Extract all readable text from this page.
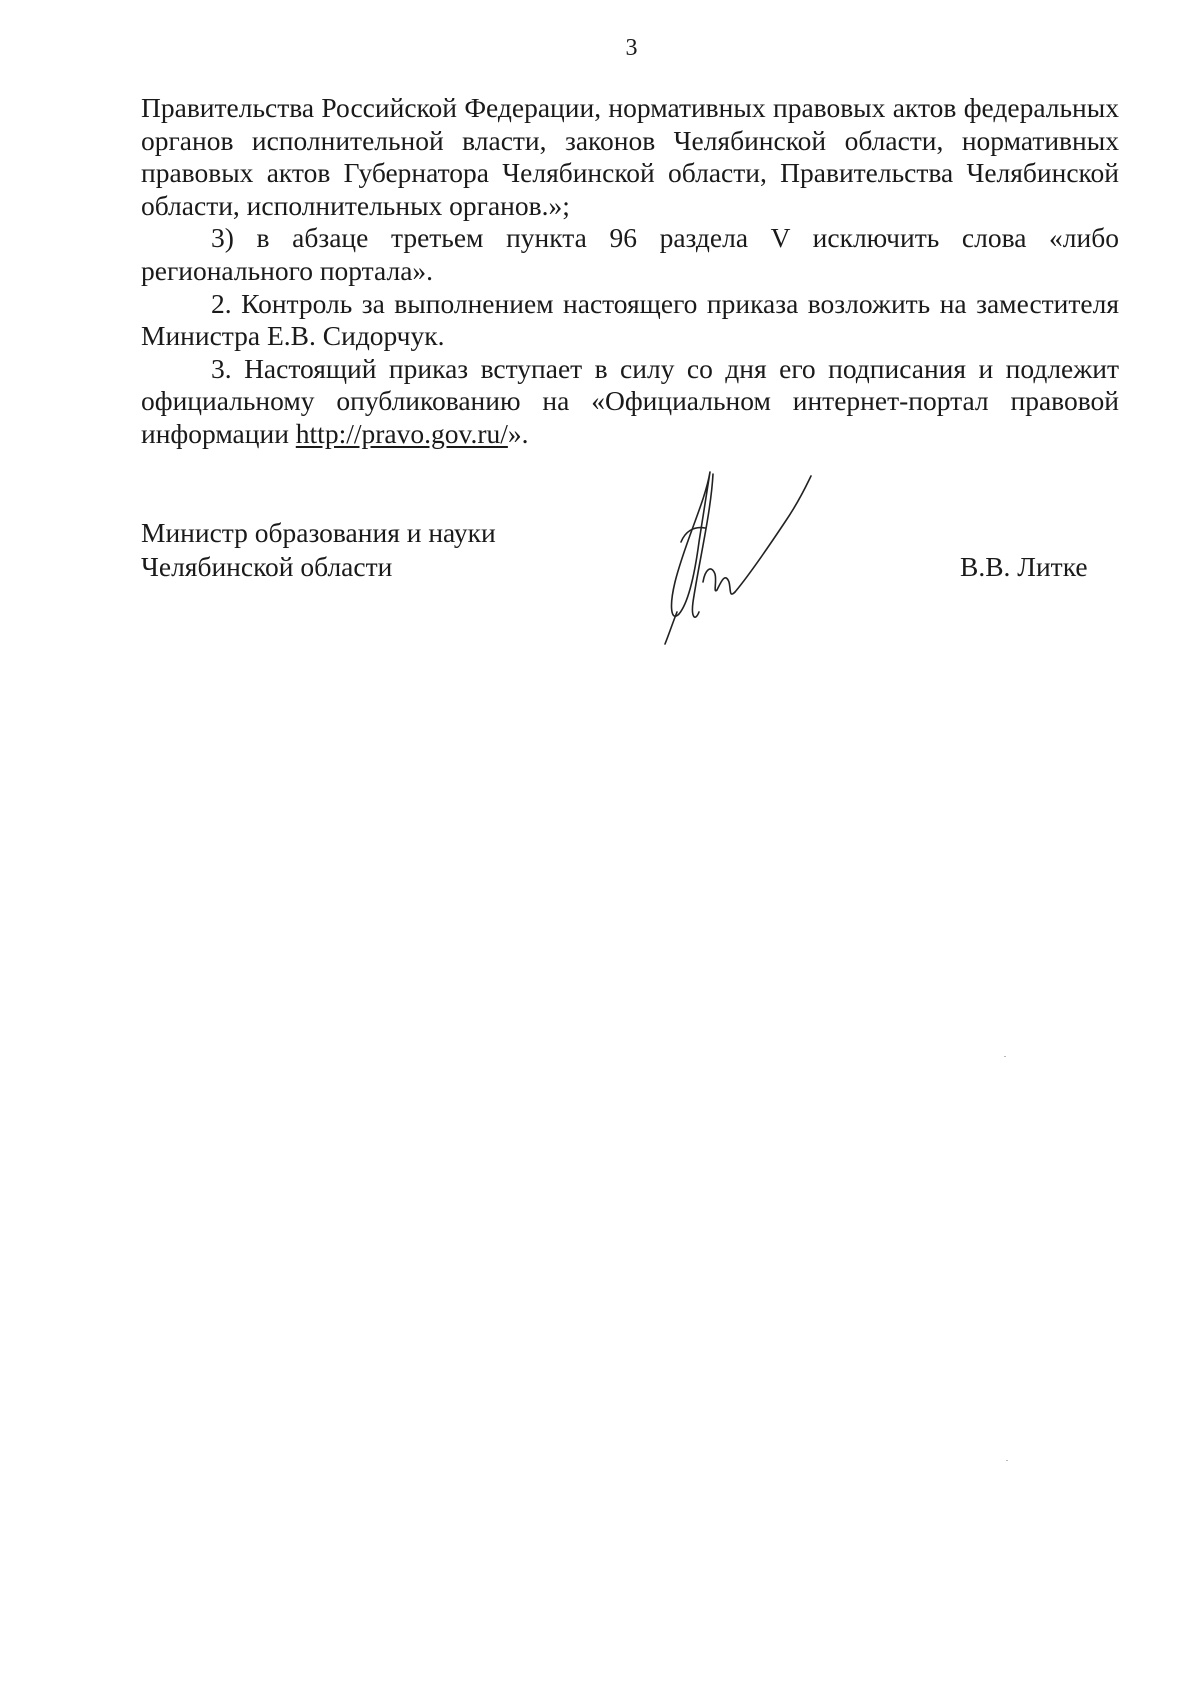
3

Правительства Российской Федерации, нормативных правовых актов федеральных органов исполнительной власти, законов Челябинской области, нормативных правовых актов Губернатора Челябинской области, Правительства Челябинской области, исполнительных органов.»;

3) в абзаце третьем пункта 96 раздела V исключить слова «либо регионального портала».

2. Контроль за выполнением настоящего приказа возложить на заместителя Министра Е.В. Сидорчук.

3. Настоящий приказ вступает в силу со дня его подписания и подлежит официальному опубликованию на «Официальном интернет-портал правовой информации http://pravo.gov.ru/».

Министр образования и науки
Челябинской области	В.В. Литке
